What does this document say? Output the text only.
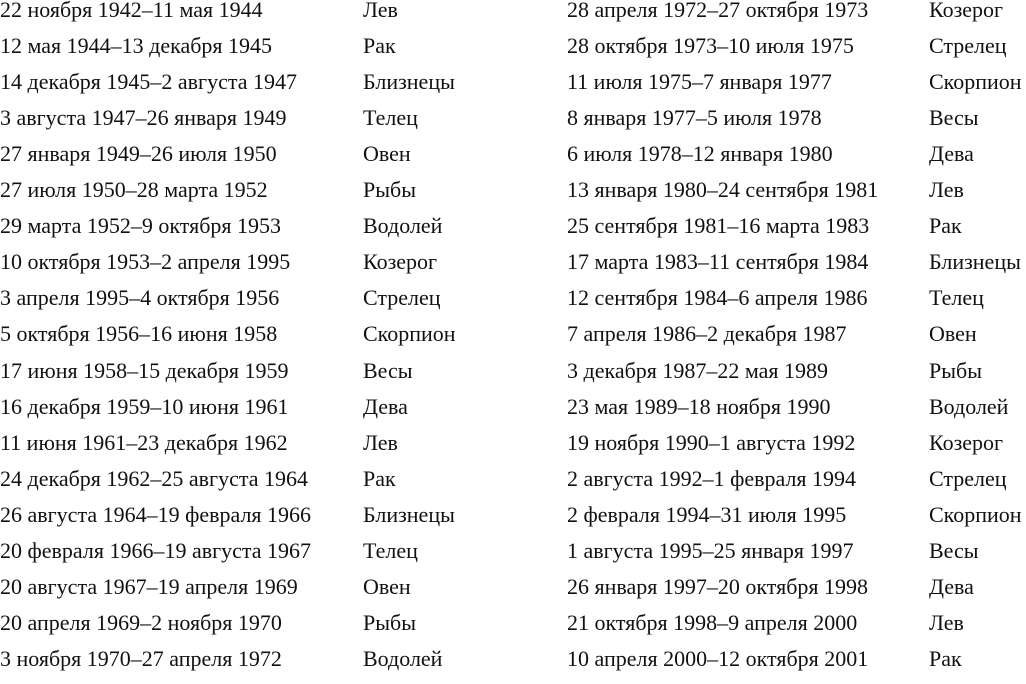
22 ноября 1942–11 мая 1944	Лев	28 апреля 1972–27 октября 1973	Козерог
12 мая 1944–13 декабря 1945	Рак	28 октября 1973–10 июля 1975	Стрелец
14 декабря 1945–2 августа 1947	Близнецы	11 июля 1975–7 января 1977	Скорпион
3 августа 1947–26 января 1949	Телец	8 января 1977–5 июля 1978	Весы
27 января 1949–26 июля 1950	Овен	6 июля 1978–12 января 1980	Дева
27 июля 1950–28 марта 1952	Рыбы	13 января 1980–24 сентября 1981 Лев
29 марта 1952–9 октября 1953	Водолей	25 сентября 1981–16 марта 1983	Рак
10 октября 1953–2 апреля 1995	Козерог	17 марта 1983–11 сентября 1984	Близнецы
3 апреля 1995–4 октября 1956	Стрелец	12 сентября 1984–6 апреля 1986	Телец
5 октября 1956–16 июня 1958	Скорпион	7 апреля 1986–2 декабря 1987	Овен
17 июня 1958–15 декабря 1959	Весы	3 декабря 1987–22 мая 1989	Рыбы
16 декабря 1959–10 июня 1961	Дева	23 мая 1989–18 ноября 1990	Водолей
11 июня 1961–23 декабря 1962	Лев	19 ноября 1990–1 августа 1992	Козерог
24 декабря 1962–25 августа 1964	Рак	2 августа 1992–1 февраля 1994	Стрелец
26 августа 1964–19 февраля 1966 Близнецы	2 февраля 1994–31 июля 1995	Скорпион
20 февраля 1966–19 августа 1967 Телец	1 августа 1995–25 января 1997	Весы
20 августа 1967–19 апреля 1969	Овен	26 января 1997–20 октября 1998	Дева
20 апреля 1969–2 ноября 1970	Рыбы	21 октября 1998–9 апреля 2000	Лев
3 ноября 1970–27 апреля 1972	Водолей	10 апреля 2000–12 октября 2001	Рак
